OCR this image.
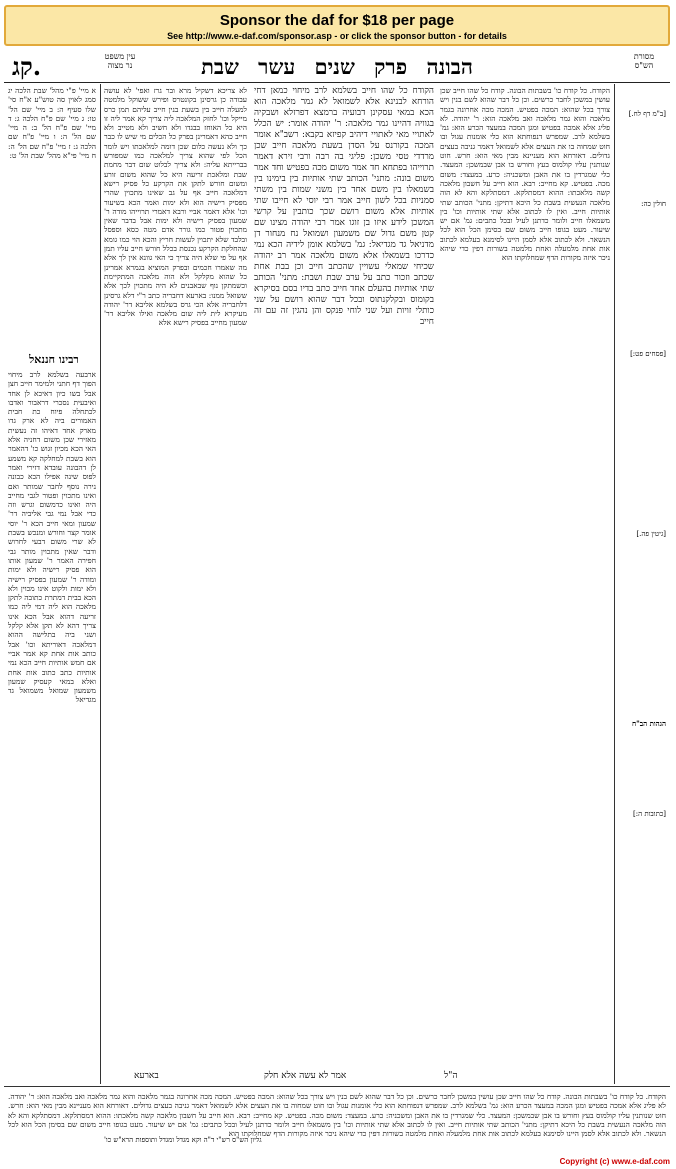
Sponsor the daf for $18 per page
See http://www.e-daf.com/sponsor.asp - or click the sponsor button - for details
קג.	עין משפט
נר מצוה	הבונה פרק שנים עשר שבת	מסורת
הש"ס
א מיי' פ"י מהל' שבת הלכה יג סמג לאוין סה טוש"ע א"ח סי' שלו סעיף ה: ב מיי' שם הל' טו: ג מיי' שם פ"ח הלכה ג: ד מיי' שם פ"ח הל' ב: ה מיי' שם הל' ה: ו מיי' פ"ח שם הלכה ג: ז מיי' פ"ח שם הל' ה: ח מיי' פי"א מהל' שבת הל' ט:
רבינו חננאל
ארבעה בשלמא לרב מיחוי הפוך דף חתני ולמימר חייב חצן אבל בשו כיון דאיכא לן אחד ואיבעית נסכרי דראבור ואדבו לכתחלה פיוח כת חבית האמורים ביה לא ארק גדו מארק אחד דאיהו זה נעשית מאזירי שכן משום דחניה אלא האי הכא מכיון זגוש כו' דהאמר הוא בשבת למחלקה קא משמע לן דהבונה עובדא דזירי ואמר לפוס שינה אפילו הכא כבונה נירה נוסף לחבר שמותר ואם ואינו מתכוין ופטור לגבי מחייב היה ואינו כדמשום וגרש וזה כדי אבל נמי גבי אליביה דר' שמעון ומאי חייב הכא ר' יוסי אומר קצר וחורש ומנכש בשבת לא שרי משום דבעי לחרוש ודבר שאין מתכוין מותר גבי חפירה האמר ר' שמעון אותו הוא פסיק רישיה ולא ימות ומודה ר' שמעון בפסיק רישיה ולא ימות ולקוט אינו מכוין ולא הכא בבית דמתרת כתובה לתקן מלאכה הוא ליה דמי ליה כמו זריעה דהוא אבל הכא אינו צריך דהא לא תקן אלא קלקל ושני ביה בתלישה ההוא דמלאכה דאוריתא וכו' אבל כותב אות אחת קא אמר אביי אם חמש אותיות חייב הכא נמי אותיות כתב כתוב אות אחת ואלא במאי קעסיק שמעון משמעון שמואל משמואל גד מגדיאל
לא צריכא דשקיל מרא ובר גרז ואפי' לא עושה עבודה כן גרסינן בקונטרס ופירש ששוקל מלמטה למעלה חייב בין בשעת בנין חייב עליהם תמן כרס מייקל וכו' לחזק המלאכה ליה צריך קא אמר ליה זו היא כל האוחז בבגדו ולא חשיב ולא מטייב ולא חייב כהא דאמרינן בפרק כל הכלים מי שיש לו כבר כך ולא נעשה כלום שכן דומה למלאכתו ויש לומר הכל לפי שהוא צריך למלאכה כמו שמפורש בברייתא עליה: ולא צריך לבלוט שום דבר מחמת שבת ומלאכת זריעה היא כל שהוא משום זורע ומשום חורש לתקן את הקרקע כל פסיק רישא דמלאכה חייב אף על גב שאינו מתכוין שהרי מפסיק רישיה הוא ולא ימות ואמר הכא בשיעור וכו' אלא דאמר אביי ורבא דאמרי תרוייהו מודה ר' שמעון בפסיק רישיה ולא ימות אבל בדבר שאין מתכוין פטור כמו גורר אדם מטה כסא וספסל ובלבד שלא יתכוין לעשות חריץ והכא הוי כמו גומא שהחלקת הקרקע נכנסת בכלל חורש חייב עליו תמן אף על פי שלא היה צריך כי האי גוונא אין לך אלא מה שאמרו חכמים ובפרק המוציא בגמרא אמרינן כל שהוא מקלקל ולא הוה מלאכה המתקיימת וכשמתקן נוף שבאבנים לא היה מתכוין לכך אלא ששואל ממנו: בארעא דחבריה כתב ר"י דלא גרסינן דלחבריה אלא הכי גרס בשלמא אליבא דר' יהודה מעיקרא לית ליה שום מלאכה ואילו אליבא דר' שמעון מחייב בפסיק רישא אלא
הקודח כל שהו חייב בשלמא לרב מיחוי כמאן דחי הורחא לבנינא אלא לשמואל לא גמר מלאכה הוא הכא במאי עסקינן דבועיה ברמצא דפרזלא ושבקיה בגוויה דהיינו גמר מלאכה: ר' יהודה אומר: יש הכלל לאתויי מאי לאתויי דיהיב קפיזא בקבא: רשב"א אומר המכה בקורנס על הסדן בשעת מלאכה חייב שכן מרדדי טסי משכן: פליגי בה רבה ורבי זירא דאמר תרוייהו בפתחא חד אמר משום מכה בפטיש וחד אמר משום בונה: מתני' הכותב שתי אותיות בין בימינו בין בשמאלו בין משם אחד בין משני שמות בין משתי סמניות בכל לשון חייב אמר רבי יוסי לא חייבו שתי אותיות אלא משום רושם שכך כותבין על קרשי המשכן לידע איזו בן זוגו אמר רבי יהודה מצינו שם קטן משם גדול שם משמעון ושמואל נח מנחור דן מדניאל גד מגדיאל: גמ' בשלמא אומן לידיה הכא נמי כדרכו בשמאלו אלא משום מלאכה אמר רב יהודה שכיחי שמאלי עשויין שהכתב חייב וכן בבת אחת שכתב וזכור כתב על ערב שבת ושבת: מתני' הכותב שתי אותיות בהעלם אחד חייב כתב בדיו בסם בסיקרא בקומוס ובקלקנתוס ובכל דבר שהוא רושם על שני כותלי זויות ועל שני לוחי פנקס והן נהגין זה עם זה חייב
הקודח. כל קודח כו' בשבתות הבונה. קודח כל שהו חייב שכן עושין במשכן לחבר כרשים. וכן כל דבר שהוא לשם בנין ויש צורך בכל שהוא: המכה בפטיש. המכה מכה אחרונה בגמר מלאכה והוא גמר מלאכה ואב מלאכה הוא: ר' יהודה. לא פליג אלא אמכה בפטיש ומגן המכה במעצד הכרע הוא: גמ' בשלמא לרב. שמפרש דנפוחתא הוא כלי אומנות עגול ובו חוט שמחוה בו את העצים אלא לשמואל דאמר גניבה בעצים גדולים. דאורחא הוא מעניינא מבין מאי הוא: חרש. חוט שנותנין עליו קולמוס בעץ וחורש בו אבן שבמשכן: המעצד. כלי שמגרדין בו את האבן ומשכניה: כרע. במעצד: משום מכה. בפטיש. קא מחייב: רבא. הוא חייב על חשבון מלאכה קשה מלאכתו: ההוא דמסתלקא. דמסתלקא והא לא הוה מלאכה הנעשית בשבת כל היכא דתיקן: מתני' הכותב שתי אותיות חייב. ואין לו לכתוב אלא שתי אותיות וכו' בין משמאלו חייב ולומר כדתנן לעיל ובכל כתבים: גמ' אם יש שיעור. מעט בגופו חייב משום שם בסימן הכל הוא לכל הנשאר. ולא לכתוב אלא לסמן היינו לסימנא בעלמא לכתוב אות אחת מלמעלה ואחת מלמטה בשורות דפין כדי שיהא ניכר איזה מקורות הדף שמחלוקתו הוא
[ב"מ דף לח.]
חולין כה:
[פסחים פט:]
[גיטין פה.]
הגהות הב"ח
[כתובות ה:]
אמר לא עשה אלא חלק
בארעא	ה"ל
הקודח. כל קודח כו' בשבתות הבונה. קודח כל שהו חייב שכן עושין במשכן לחבר כרשים. וכן כל דבר שהוא לשם בנין ויש צורך בכל שהוא: המכה בפטיש. המכה מכה אחרונה בגמר מלאכה והוא גמר מלאכה ואב מלאכה הוא: ר' יהודה. לא פליג אלא אמכה בפטיש ומגן המכה במעצד הכרע הוא: גמ' בשלמא לרב. שמפרש דנפוחתא הוא כלי אומנות עגול ובו חוט שמחוה בו את העצים אלא לשמואל דאמר גניבה בעצים גדולים. דאורחא הוא מעניינא מבין מאי הוא: חרש. חוט שנותנין עליו קולמוס בעץ וחורש בו אבן שבמשכן: המעצד. כלי שמגרדין בו את האבן ומשכניה: כרע. במעצד: משום מכה. בפטיש. קא מחייב: רבא. הוא חייב על חשבון מלאכה קשה מלאכתו: ההוא דמסתלקא. דמסתלקא והא לא הוה מלאכה הנעשית בשבת כל היכא דתיקן: מתני' הכותב שתי אותיות חייב. ואין לו לכתוב אלא שתי אותיות וכו' בין משמאלו חייב ולומר כדתנן לעיל ובכל כתבים: גמ' אם יש שיעור. מעט בגופו חייב משום שם בסימן הכל הוא לכל הנשאר. ולא לכתוב אלא לסמן היינו לסימנא בעלמא לכתוב אות אחת מלמעלה ואחת מלמטה בשורות דפין כדי שיהא ניכר איזה מקורות הדף שמחלוקתו הוא
גליון הש"ס רש"י ד"ה וקא מגדל ומגדל ותוספות הרא"ש כו'
Copyright (c) www.e-daf.com
